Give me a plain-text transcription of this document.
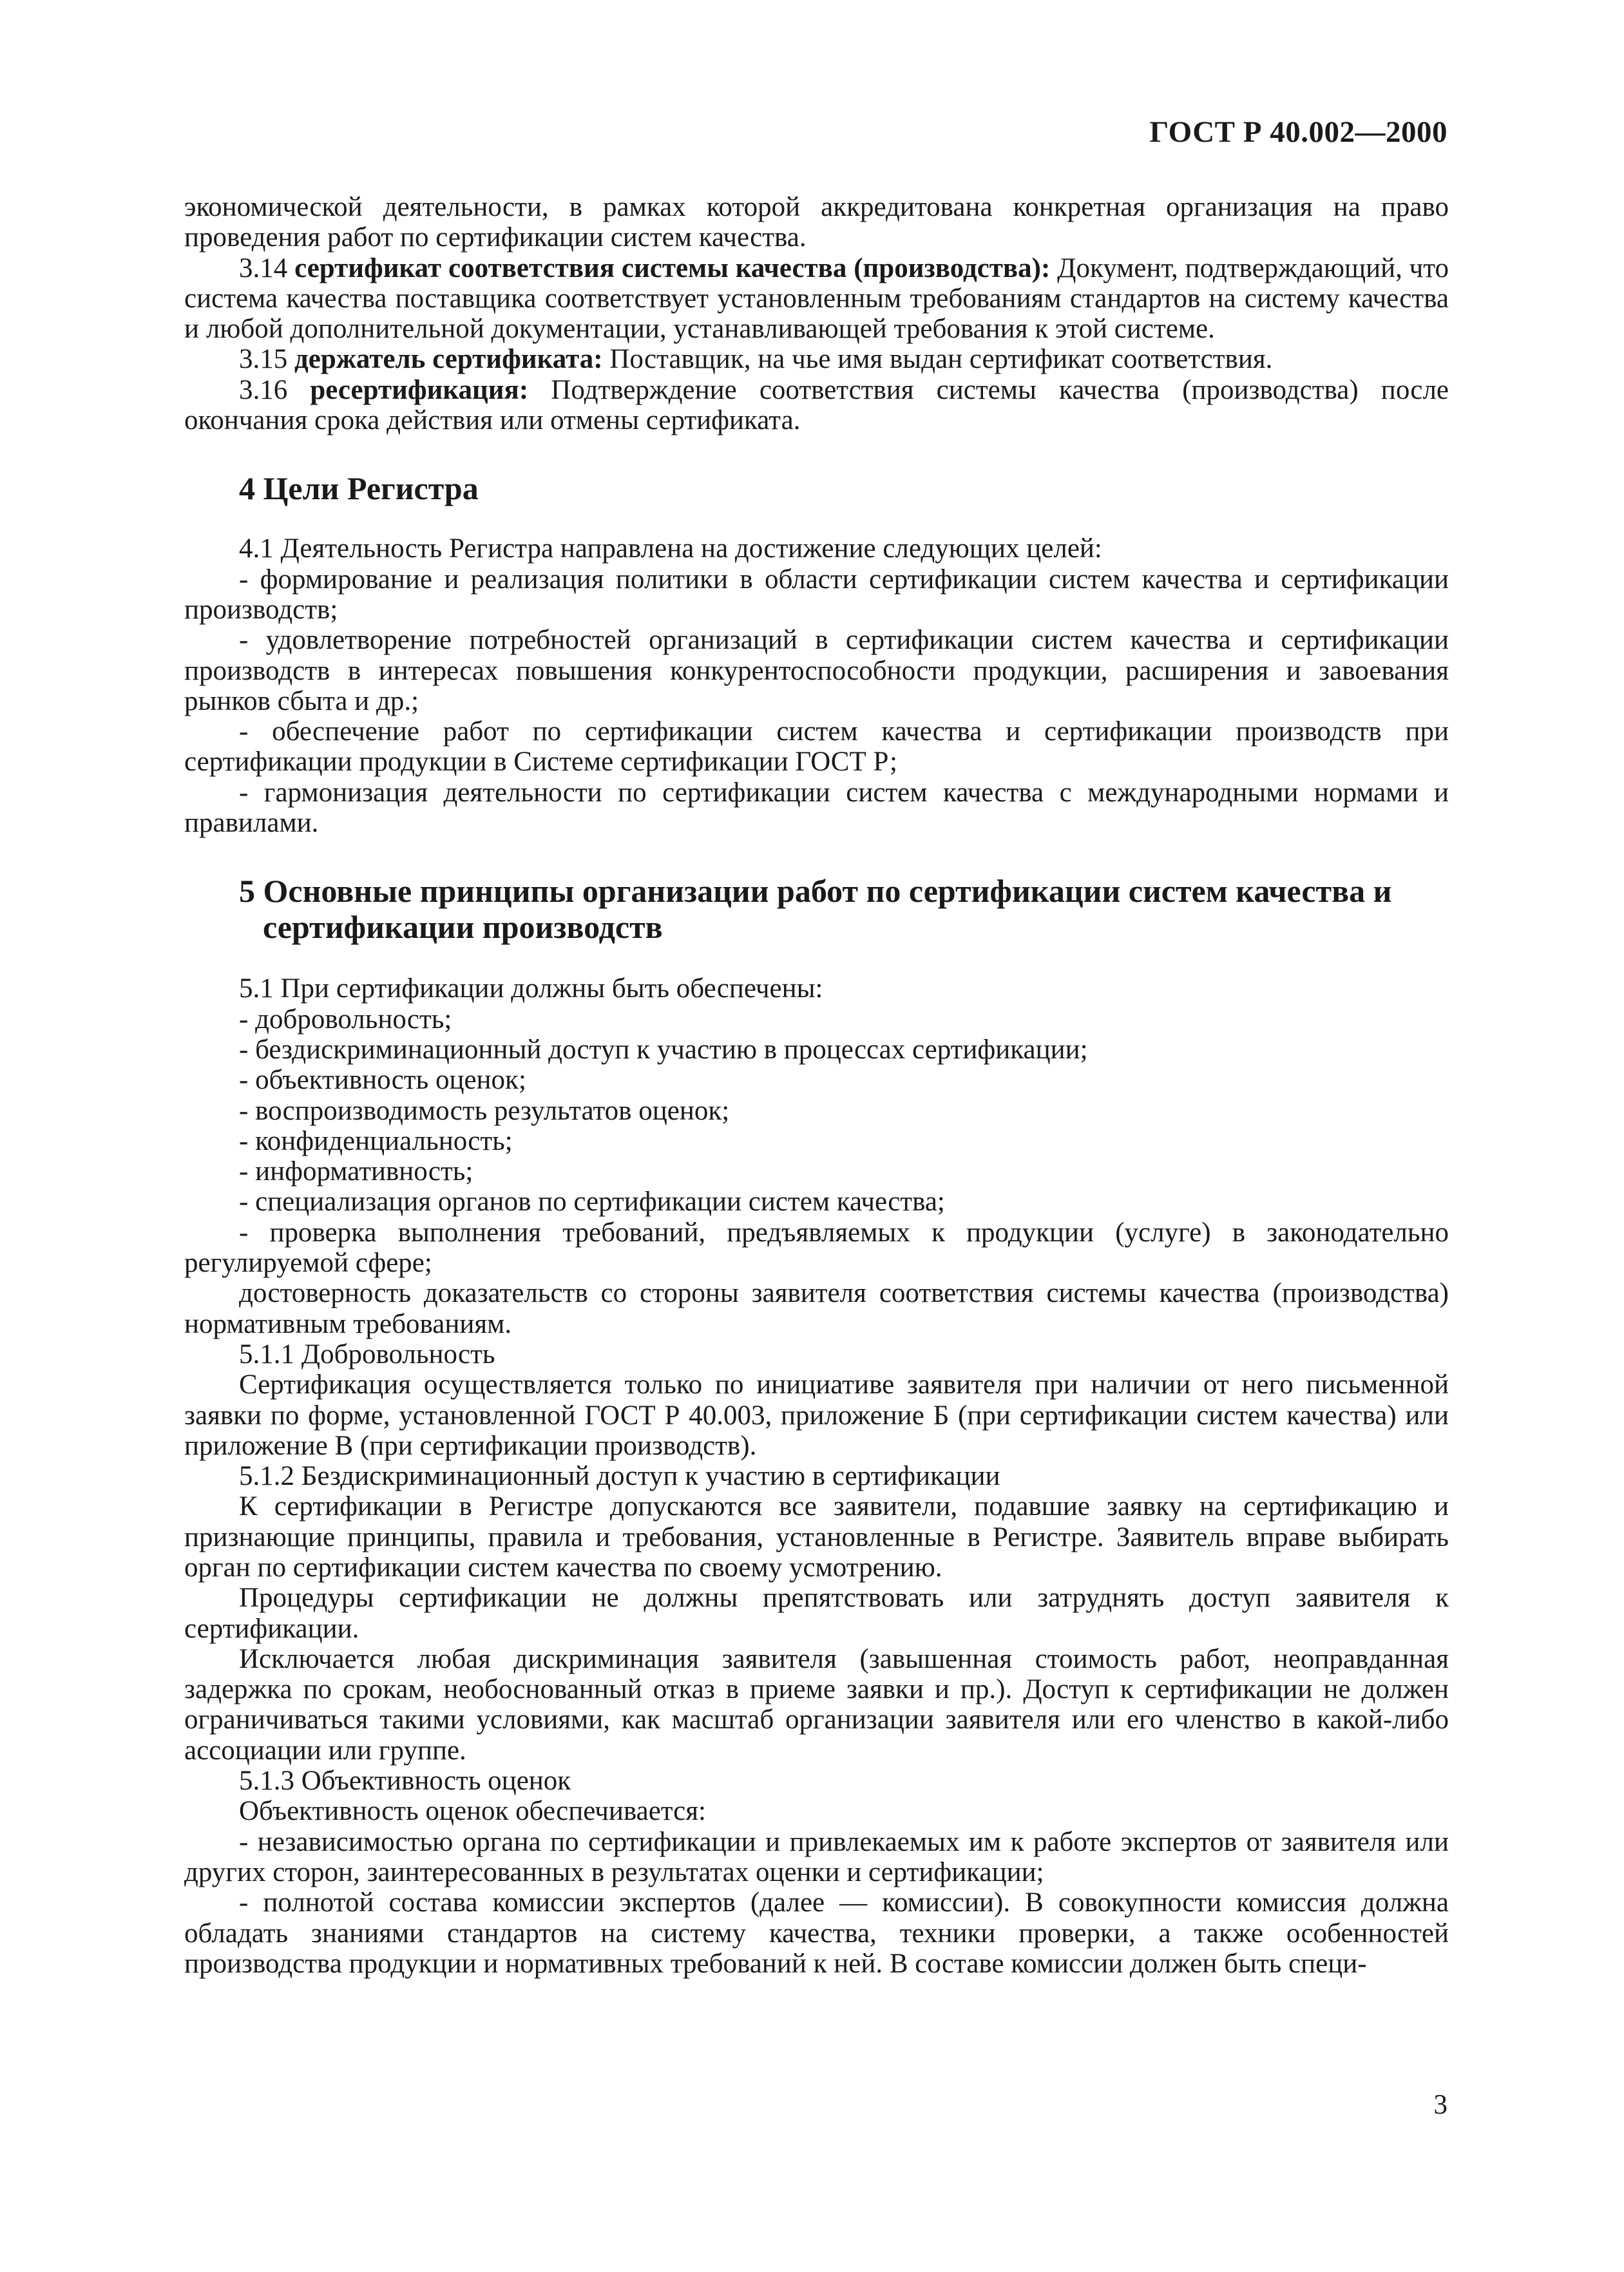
ГОСТ Р 40.002—2000

экономической деятельности, в рамках которой аккредитована конкретная организация на право проведения работ по сертификации систем качества.

3.14 сертификат соответствия системы качества (производства): Документ, подтверждающий, что система качества поставщика соответствует установленным требованиям стандартов на систему качества и любой дополнительной документации, устанавливающей требования к этой системе.

3.15 держатель сертификата: Поставщик, на чье имя выдан сертификат соответствия.

3.16 ресертификация: Подтверждение соответствия системы качества (производства) после окончания срока действия или отмены сертификата.

4 Цели Регистра

4.1 Деятельность Регистра направлена на достижение следующих целей:

- формирование и реализация политики в области сертификации систем качества и сертификации производств;

- удовлетворение потребностей организаций в сертификации систем качества и сертификации производств в интересах повышения конкурентоспособности продукции, расширения и завоевания рынков сбыта и др.;

- обеспечение работ по сертификации систем качества и сертификации производств при сертификации продукции в Системе сертификации ГОСТ Р;

- гармонизация деятельности по сертификации систем качества с международными нормами и правилами.

5 Основные принципы организации работ по сертификации систем качества и сертификации производств

5.1 При сертификации должны быть обеспечены:

- добровольность;

- бездискриминационный доступ к участию в процессах сертификации;

- объективность оценок;

- воспроизводимость результатов оценок;

- конфиденциальность;

- информативность;

- специализация органов по сертификации систем качества;

- проверка выполнения требований, предъявляемых к продукции (услуге) в законодательно регулируемой сфере;

достоверность доказательств со стороны заявителя соответствия системы качества (производства) нормативным требованиям.

5.1.1 Добровольность

Сертификация осуществляется только по инициативе заявителя при наличии от него письменной заявки по форме, установленной ГОСТ Р 40.003, приложение Б (при сертификации систем качества) или приложение В (при сертификации производств).

5.1.2 Бездискриминационный доступ к участию в сертификации

К сертификации в Регистре допускаются все заявители, подавшие заявку на сертификацию и признающие принципы, правила и требования, установленные в Регистре. Заявитель вправе выбирать орган по сертификации систем качества по своему усмотрению.

Процедуры сертификации не должны препятствовать или затруднять доступ заявителя к сертификации.

Исключается любая дискриминация заявителя (завышенная стоимость работ, неоправданная задержка по срокам, необоснованный отказ в приеме заявки и пр.). Доступ к сертификации не должен ограничиваться такими условиями, как масштаб организации заявителя или его членство в какой-либо ассоциации или группе.

5.1.3 Объективность оценок

Объективность оценок обеспечивается:

- независимостью органа по сертификации и привлекаемых им к работе экспертов от заявителя или других сторон, заинтересованных в результатах оценки и сертификации;

- полнотой состава комиссии экспертов (далее — комиссии). В совокупности комиссия должна обладать знаниями стандартов на систему качества, техники проверки, а также особенностей производства продукции и нормативных требований к ней. В составе комиссии должен быть специ-

3
